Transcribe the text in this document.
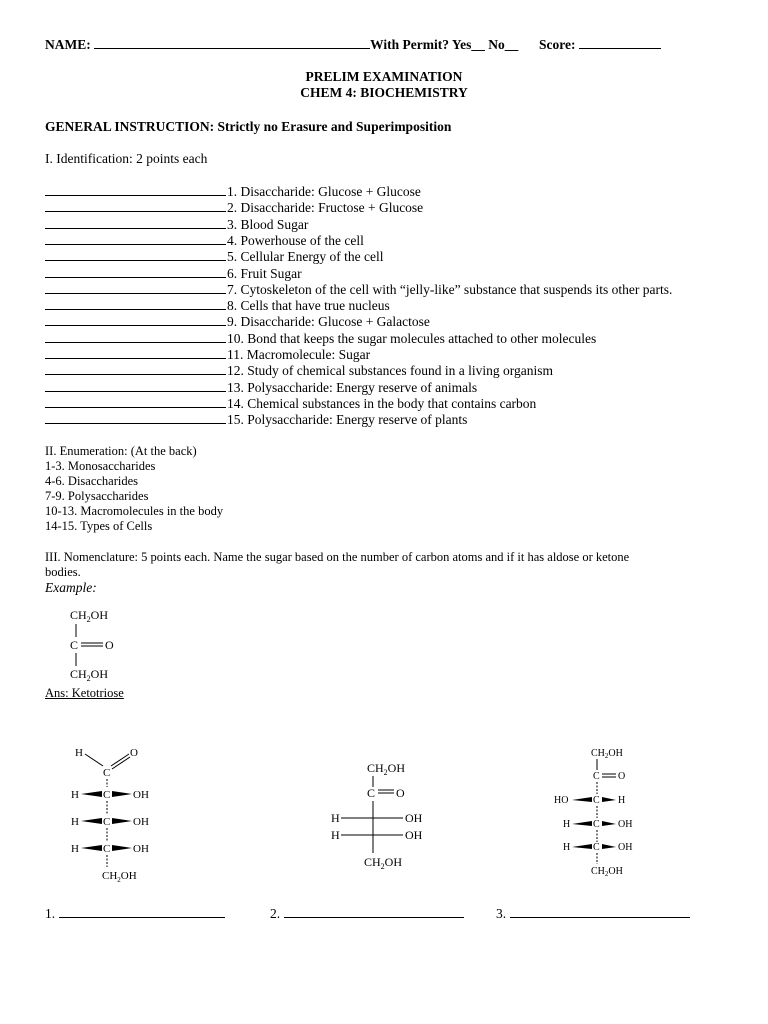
NAME:	With Permit? Yes__ No__ Score:
PRELIM EXAMINATION
CHEM 4: BIOCHEMISTRY
GENERAL INSTRUCTION: Strictly no Erasure and Superimposition
I. Identification: 2 points each
1. Disaccharide: Glucose + Glucose
2. Disaccharide: Fructose + Glucose
3. Blood Sugar
4. Powerhouse of the cell
5. Cellular Energy of the cell
6. Fruit Sugar
7. Cytoskeleton of the cell with “jelly-like” substance that suspends its other parts.
8. Cells that have true nucleus
9. Disaccharide: Glucose + Galactose
10. Bond that keeps the sugar molecules attached to other molecules
11. Macromolecule: Sugar
12. Study of chemical substances found in a living organism
13. Polysaccharide: Energy reserve of animals
14. Chemical substances in the body that contains carbon
15. Polysaccharide: Energy reserve of plants
II. Enumeration: (At the back)
1-3. Monosaccharides
4-6. Disaccharides
7-9. Polysaccharides
10-13. Macromolecules in the body
14-15. Types of Cells
III. Nomenclature: 5 points each. Name the sugar based on the number of carbon atoms and if it has aldose or ketone
bodies.
Example:
$CH_2OH$
C O
$CH_2OH$
Ans: Ketotriose
H	O
C
H C OH
H C OH
H C OH
$CH_2OH$
$CH_2OH$
C O
H	OH
H	OH
$CH_2OH$
$CH_2OH$
C O
HO C H
H C OH
H C OH
$CH_2OH$
1.	2.	3.
